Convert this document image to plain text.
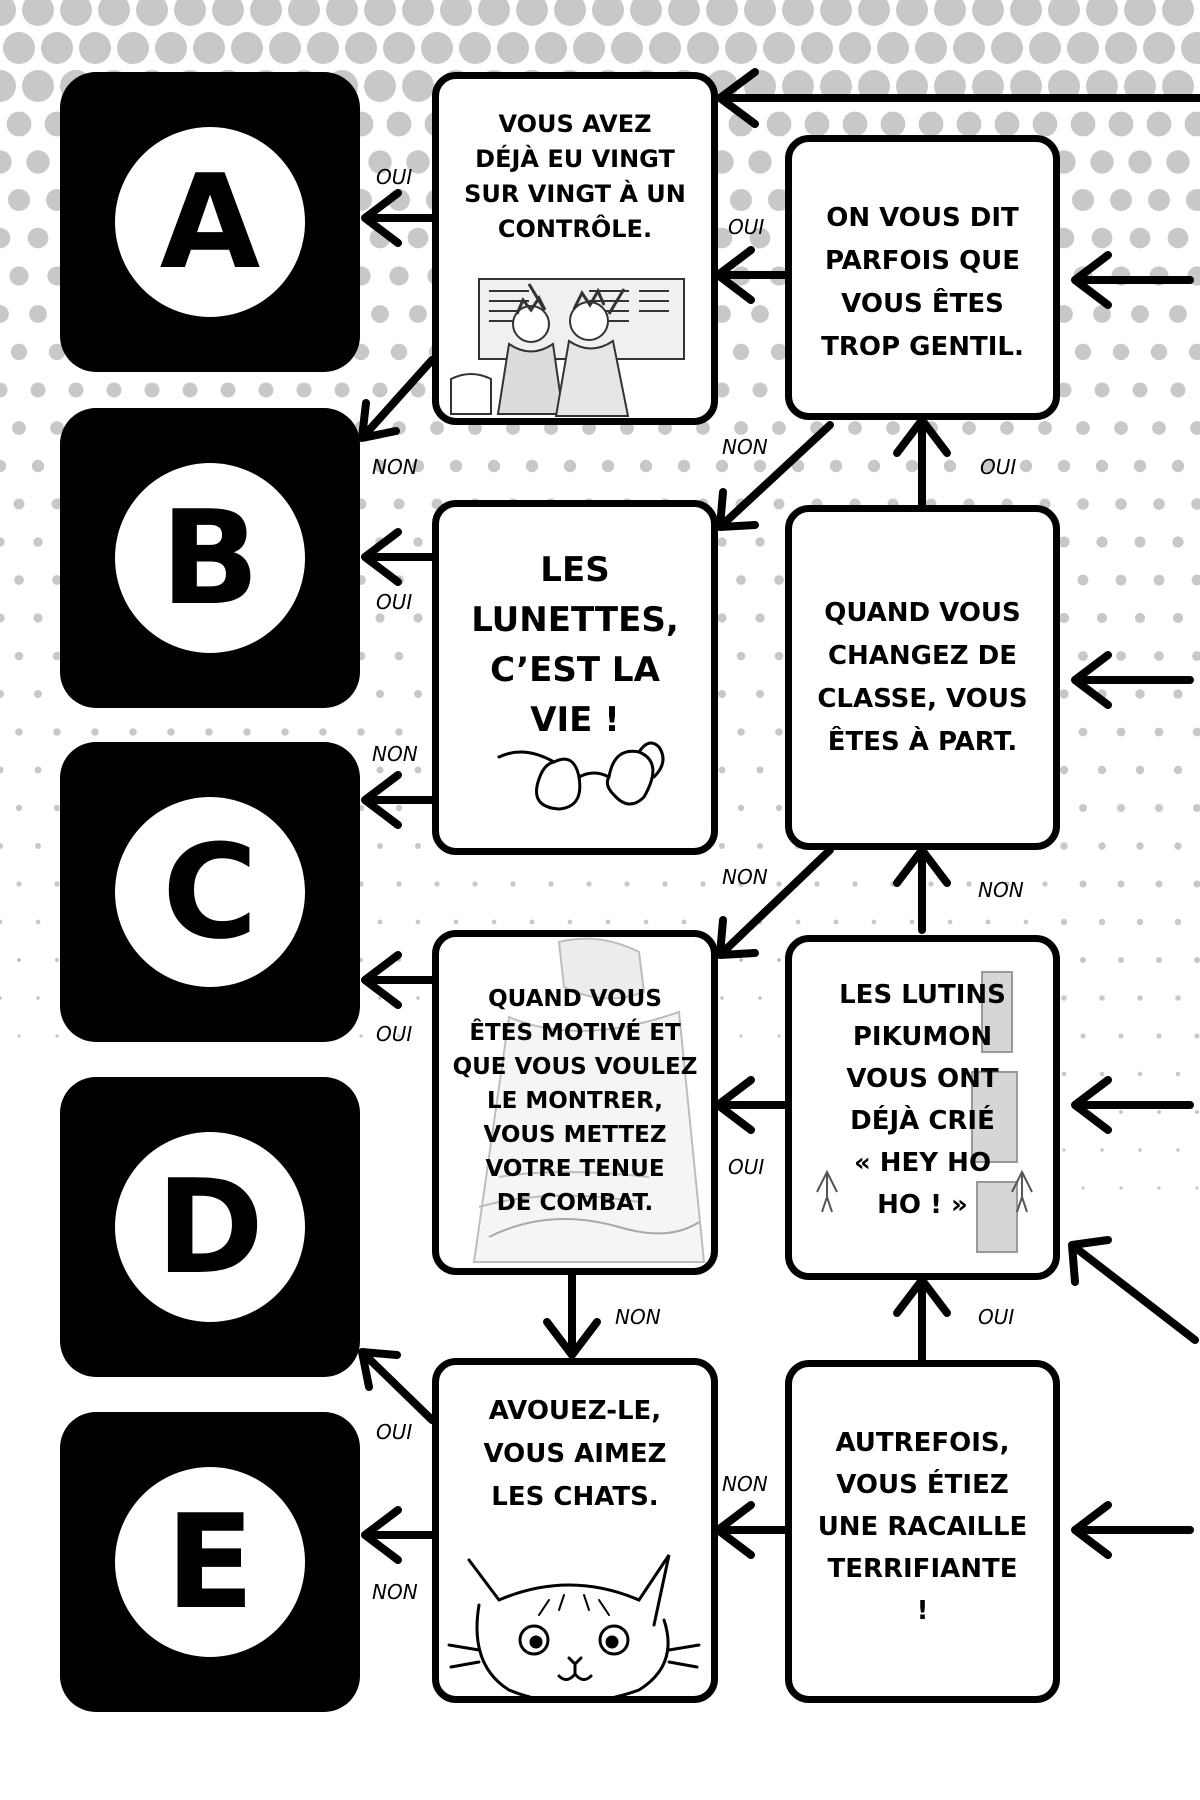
A
B
C
D
E
VOUS AVEZ
DÉJÀ EU VINGT
SUR VINGT À UN
CONTRÔLE.
LES
LUNETTES,
C’EST LA
VIE !
QUAND VOUS
ÊTES MOTIVÉ ET
QUE VOUS VOULEZ
LE MONTRER,
VOUS METTEZ
VOTRE TENUE
DE COMBAT.
AVOUEZ-LE,
VOUS AIMEZ
LES CHATS.
ON VOUS DIT
PARFOIS QUE
VOUS ÊTES
TROP GENTIL.
QUAND VOUS
CHANGEZ DE
CLASSE, VOUS
ÊTES À PART.
LES LUTINS
PIKUMON
VOUS ONT
DÉJÀ CRIÉ
« HEY HO
HO ! »
AUTREFOIS,
VOUS ÉTIEZ
UNE RACAILLE
TERRIFIANTE
!
OUI
NON
OUI
NON
OUI
NON
OUI
NON
OUI
NON
OUI
NON
OUI
NON
OUI
NON
